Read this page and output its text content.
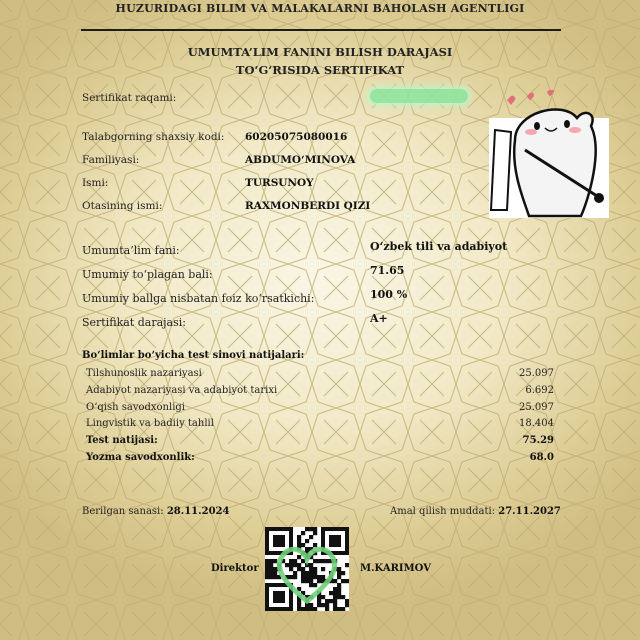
HUZURIDAGI BILIM VA MALAKALARNI BAHOLASH AGENTLIGI

UMUMTA’LIM FANINI BILISH DARAJASI

TO‘G‘RISIDA SERTIFIKAT

Sertifikat raqami:

Talabgorning shaxsiy kodi: 60205075080016

Familiyasi:	ABDUMO‘MINOVA

Ismi:	TURSUNOY

Otasining ismi:	RAXMONBERDI QIZI

Umumta’lim fani:	O‘zbek tili va adabiyot

Umumiy to‘plagan bali:	71.65

Umumiy ballga nisbatan foiz ko‘rsatkichi:	100 %

Sertifikat darajasi:	A+

Bo‘limlar bo‘yicha test sinovi natijalari:

Tilshunoslik nazariyasi	25.097

Adabiyot nazariyasi va adabiyot tarixi	6.692

O‘qish savodxonligi	25.097

Lingvistik va badiiy tahlil	18.404

Test natijasi:	75.29

Yozma savodxonlik:	68.0

Berilgan sanasi: 28.11.2024	Amal qilish muddati: 27.11.2027

Direktor	M.KARIMOV
